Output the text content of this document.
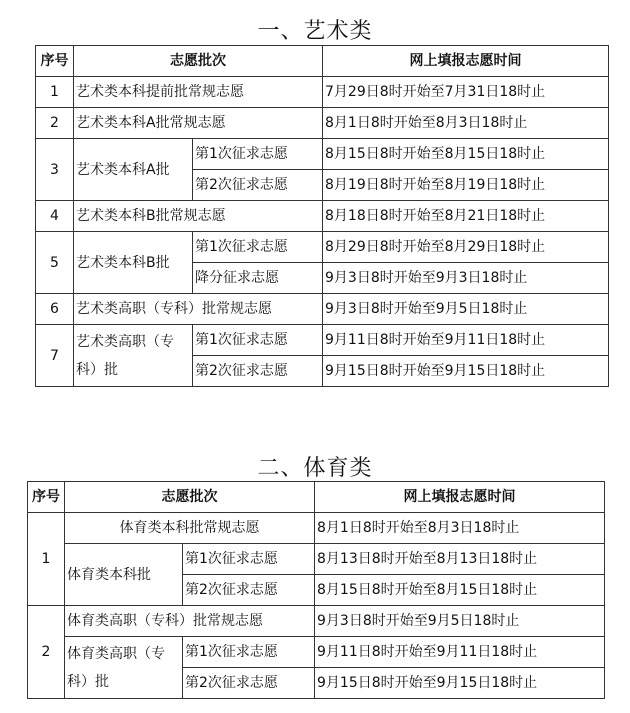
一、艺术类
序号	志愿批次		网上填报志愿时间
1	艺术类本科提前批常规志愿		7月29日8时开始至7月31日18时止
2	艺术类本科A批常规志愿		8月1日8时开始至8月3日18时止
3	艺术类本科A批	第1次征求志愿	8月15日8时开始至8月15日18时止
		第2次征求志愿	8月19日8时开始至8月19日18时止
4	艺术类本科B批常规志愿		8月18日8时开始至8月21日18时止
5	艺术类本科B批	第1次征求志愿	8月29日8时开始至8月29日18时止
		降分征求志愿	9月3日8时开始至9月3日18时止
6	艺术类高职（专科）批常规志愿		9月3日8时开始至9月5日18时止
7	艺术类高职（专科）批	第1次征求志愿	9月11日8时开始至9月11日18时止
		第2次征求志愿	9月15日8时开始至9月15日18时止
二、体育类
序号	志愿批次		网上填报志愿时间
1	体育类本科批常规志愿		8月1日8时开始至8月3日18时止
	体育类本科批	第1次征求志愿	8月13日8时开始至8月13日18时止
		第2次征求志愿	8月15日8时开始至8月15日18时止
2	体育类高职（专科）批常规志愿		9月3日8时开始至9月5日18时止
	体育类高职（专科）批	第1次征求志愿	9月11日8时开始至9月11日18时止
		第2次征求志愿	9月15日8时开始至9月15日18时止
